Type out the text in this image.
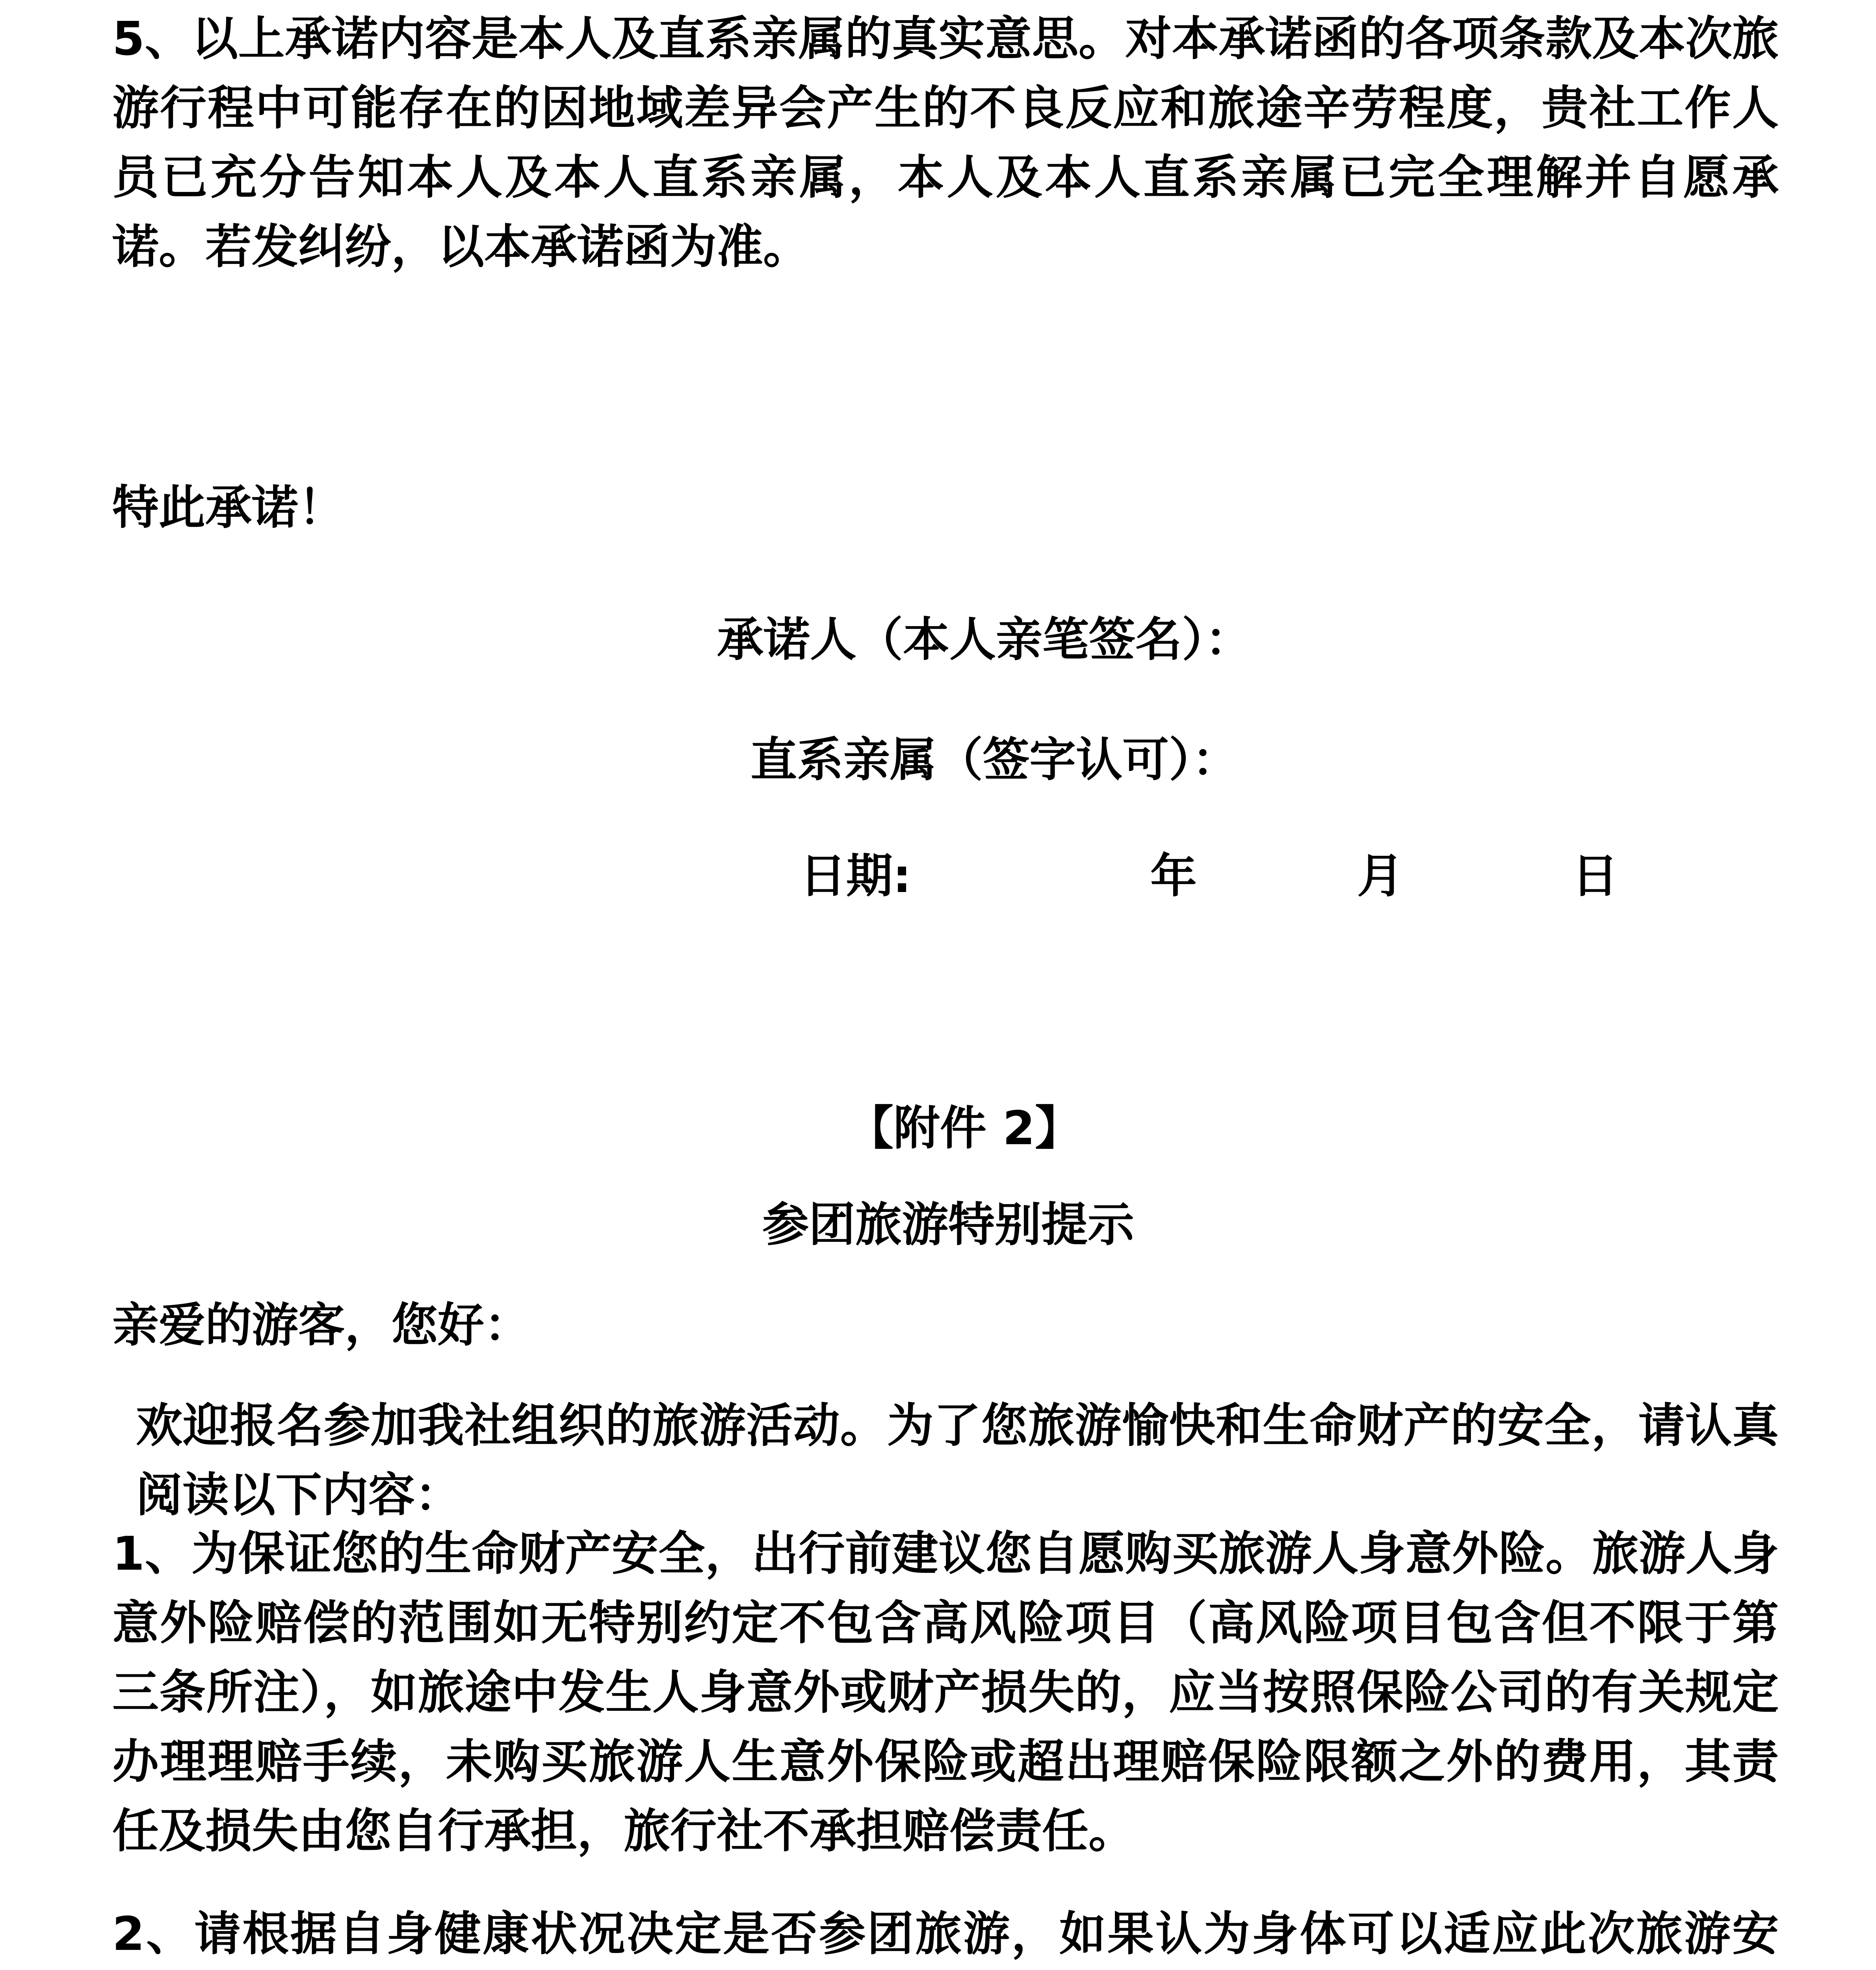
5、以上承诺内容是本人及直系亲属的真实意思。对本承诺函的各项条款及本次旅游行程中可能存在的因地域差异会产生的不良反应和旅途辛劳程度，贵社工作人员已充分告知本人及本人直系亲属，本人及本人直系亲属已完全理解并自愿承诺。若发纠纷，以本承诺函为准。

特此承诺！
承诺人（本人亲笔签名）：
直系亲属（签字认可）：
日期:	年	月	日
【附件 2】
参团旅游特别提示
亲爱的游客，您好：

欢迎报名参加我社组织的旅游活动。为了您旅游愉快和生命财产的安全，请认真阅读以下内容：

1、为保证您的生命财产安全，出行前建议您自愿购买旅游人身意外险。旅游人身意外险赔偿的范围如无特别约定不包含高风险项目（高风险项目包含但不限于第三条所注），如旅途中发生人身意外或财产损失的，应当按照保险公司的有关规定办理理赔手续，未购买旅游人生意外保险或超出理赔保险限额之外的费用，其责任及损失由您自行承担，旅行社不承担赔偿责任。

2、请根据自身健康状况决定是否参团旅游，如果认为身体可以适应此次旅游安
